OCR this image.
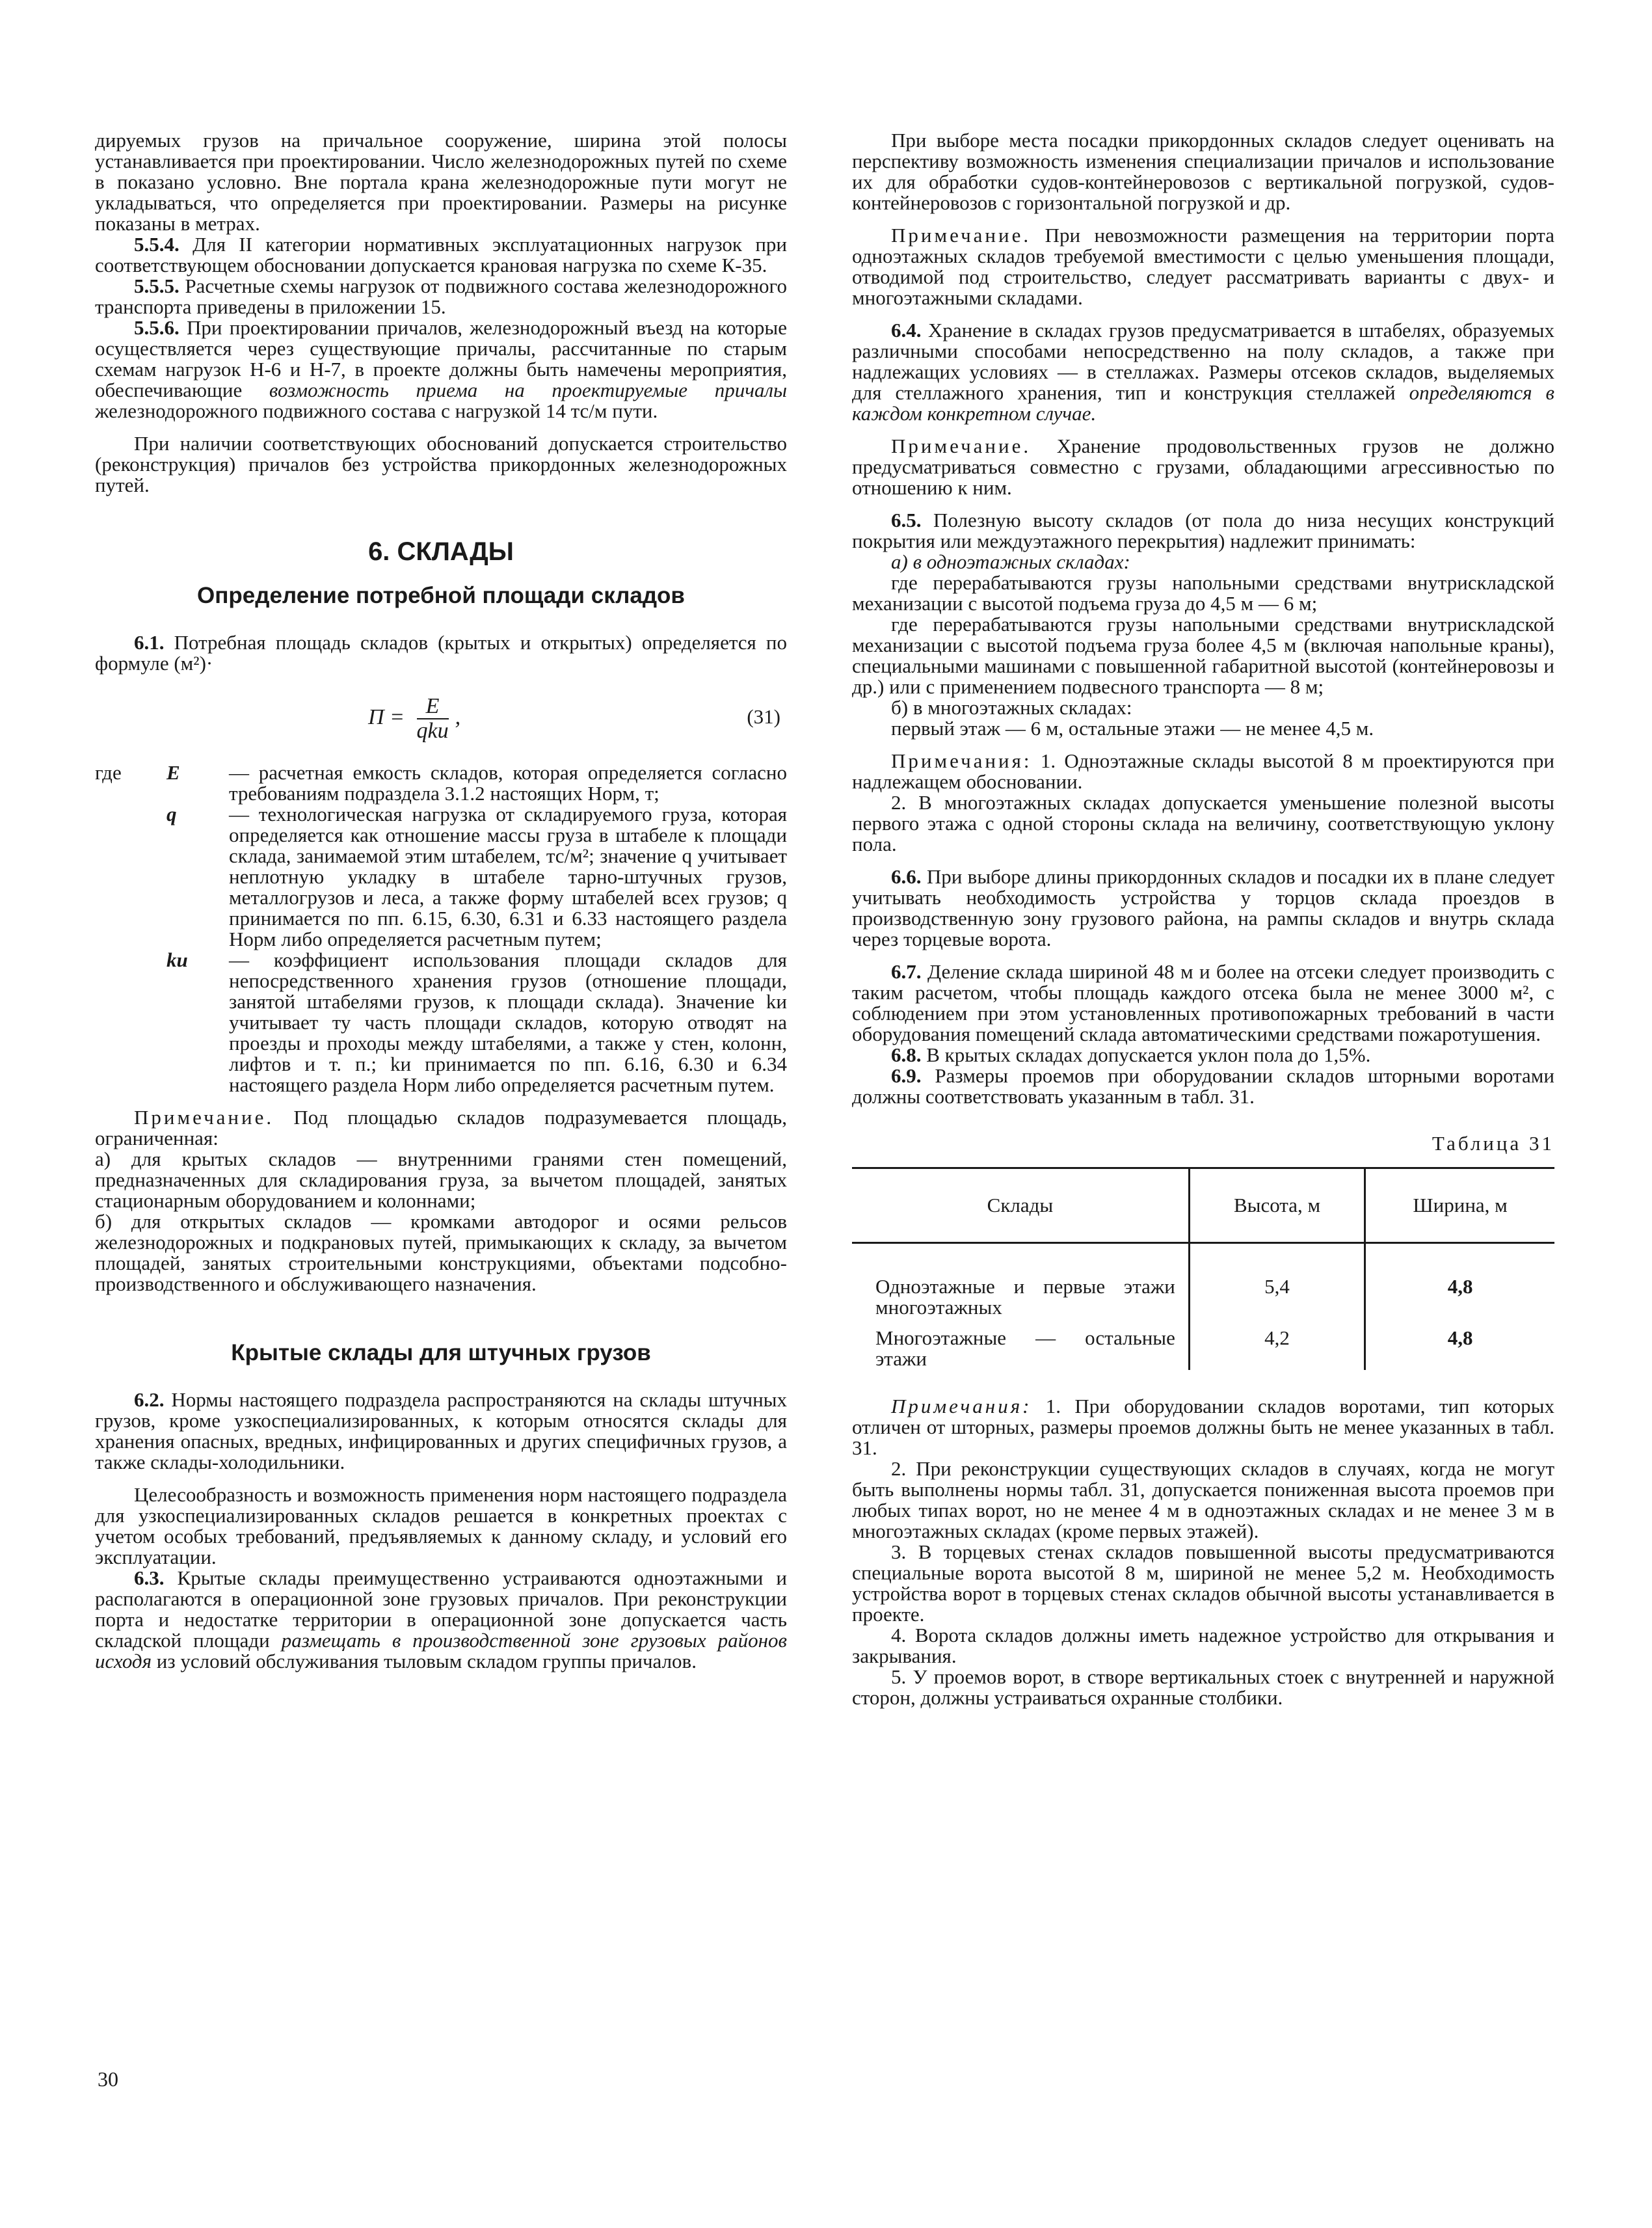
дируемых грузов на причальное сооружение, ширина этой полосы устанавливается при проектировании. Число железнодорожных путей по схеме в показано условно. Вне портала крана железнодорожные пути могут не укладываться, что определяется при проектировании. Размеры на рисунке показаны в метрах.

5.5.4. Для II категории нормативных эксплуатационных нагрузок при соответствующем обосновании допускается крановая нагрузка по схеме К-35.

5.5.5. Расчетные схемы нагрузок от подвижного состава железнодорожного транспорта приведены в приложении 15.

5.5.6. При проектировании причалов, железнодорожный въезд на которые осуществляется через существующие причалы, рассчитанные по старым схемам нагрузок Н-6 и Н-7, в проекте должны быть намечены мероприятия, обеспечивающие возможность приема на проектируемые причалы железнодорожного подвижного состава с нагрузкой 14 тс/м пути.

При наличии соответствующих обоснований допускается строительство (реконструкция) причалов без устройства прикордонных железнодорожных путей.

6. СКЛАДЫ
Определение потребной площади складов

6.1. Потребная площадь складов (крытых и открытых) определяется по формуле (м²)·

$П = \frac{E}{\text{qkи}}$ ,	(31)
где E — расчетная емкость складов, которая определяется согласно требованиям подраздела 3.1.2 настоящих Норм, т;
q	— технологическая нагрузка от складируемого груза, которая определяется как отношение массы груза в штабеле к площади склада, занимаемой этим штабелем, тс/м²; значение q учитывает неплотную укладку в штабеле тарно-штучных грузов, металлогрузов и леса, а также форму штабелей всех грузов; q принимается по пп. 6.15, 6.30, 6.31 и 6.33 настоящего раздела Норм либо определяется расчетным путем;
kи — коэффициент использования площади складов для непосредственного хранения грузов (отношение площади, занятой штабелями грузов, к площади склада). Значение kи учитывает ту часть площади складов, которую отводят на проезды и проходы между штабелями, а также у стен, колонн, лифтов и т. п.; kи принимается по пп. 6.16, 6.30 и 6.34 настоящего раздела Норм либо определяется расчетным путем.

Примечание. Под площадью складов подразумевается площадь, ограниченная:

а) для крытых складов — внутренними гранями стен помещений, предназначенных для складирования груза, за вычетом площадей, занятых стационарным оборудованием и колоннами;

б) для открытых складов — кромками автодорог и осями рельсов железнодорожных и подкрановых путей, примыкающих к складу, за вычетом площадей, занятых строительными конструкциями, объектами подсобно-производственного и обслуживающего назначения.

Крытые склады для штучных грузов

6.2. Нормы настоящего подраздела распространяются на склады штучных грузов, кроме узкоспециализированных, к которым относятся склады для хранения опасных, вредных, инфицированных и других специфичных грузов, а также склады-холодильники.

Целесообразность и возможность применения норм настоящего подраздела для узкоспециализированных складов решается в конкретных проектах с учетом особых требований, предъявляемых к данному складу, и условий его эксплуатации.

6.3. Крытые склады преимущественно устраиваются одноэтажными и располагаются в операционной зоне грузовых причалов. При реконструкции порта и недостатке территории в операционной зоне допускается часть складской площади размещать в производственной зоне грузовых районов исходя из условий обслуживания тыловым складом группы причалов.

При выборе места посадки прикордонных складов следует оценивать на перспективу возможность изменения специализации причалов и использование их для обработки судов-контейнеровозов с вертикальной погрузкой, судов-контейнеровозов с горизонтальной погрузкой и др.

Примечание. При невозможности размещения на территории порта одноэтажных складов требуемой вместимости с целью уменьшения площади, отводимой под строительство, следует рассматривать варианты с двух- и многоэтажными складами.

6.4. Хранение в складах грузов предусматривается в штабелях, образуемых различными способами непосредственно на полу складов, а также при надлежащих условиях — в стеллажах. Размеры отсеков складов, выделяемых для стеллажного хранения, тип и конструкция стеллажей определяются в каждом конкретном случае.

Примечание. Хранение продовольственных грузов не должно предусматриваться совместно с грузами, обладающими агрессивностью по отношению к ним.

6.5. Полезную высоту складов (от пола до низа несущих конструкций покрытия или междуэтажного перекрытия) надлежит принимать:

а) в одноэтажных складах:

где перерабатываются грузы напольными средствами внутрискладской механизации с высотой подъема груза до 4,5 м — 6 м;

где перерабатываются грузы напольными средствами внутрискладской механизации с высотой подъема груза более 4,5 м (включая напольные краны), специальными машинами с повышенной габаритной высотой (контейнеровозы и др.) или с применением подвесного транспорта — 8 м;

б) в многоэтажных складах:

первый этаж — 6 м, остальные этажи — не менее 4,5 м.

Примечания: 1. Одноэтажные склады высотой 8 м проектируются при надлежащем обосновании.

2. В многоэтажных складах допускается уменьшение полезной высоты первого этажа с одной стороны склада на величину, соответствующую уклону пола.

6.6. При выборе длины прикордонных складов и посадки их в плане следует учитывать необходимость устройства у торцов склада проездов в производственную зону грузового района, на рампы складов и внутрь склада через торцевые ворота.

6.7. Деление склада шириной 48 м и более на отсеки следует производить с таким расчетом, чтобы площадь каждого отсека была не менее 3000 м², с соблюдением при этом установленных противопожарных требований в части оборудования помещений склада автоматическими средствами пожаротушения.

6.8. В крытых складах допускается уклон пола до 1,5%.

6.9. Размеры проемов при оборудовании складов шторными воротами должны соответствовать указанным в табл. 31.

Таблица 31
Склады	Высота, м	Ширина, м
Одноэтажные и первые этажи многоэтажных	5,4	4,8
Многоэтажные — остальные этажи	4,2	4,8

Примечания: 1. При оборудовании складов воротами, тип которых отличен от шторных, размеры проемов должны быть не менее указанных в табл. 31.

2. При реконструкции существующих складов в случаях, когда не могут быть выполнены нормы табл. 31, допускается пониженная высота проемов при любых типах ворот, но не менее 4 м в одноэтажных складах и не менее 3 м в многоэтажных складах (кроме первых этажей).

3. В торцевых стенах складов повышенной высоты предусматриваются специальные ворота высотой 8 м, шириной не менее 5,2 м. Необходимость устройства ворот в торцевых стенах складов обычной высоты устанавливается в проекте.

4. Ворота складов должны иметь надежное устройство для открывания и закрывания.

5. У проемов ворот, в створе вертикальных стоек с внутренней и наружной сторон, должны устраиваться охранные столбики.

30
